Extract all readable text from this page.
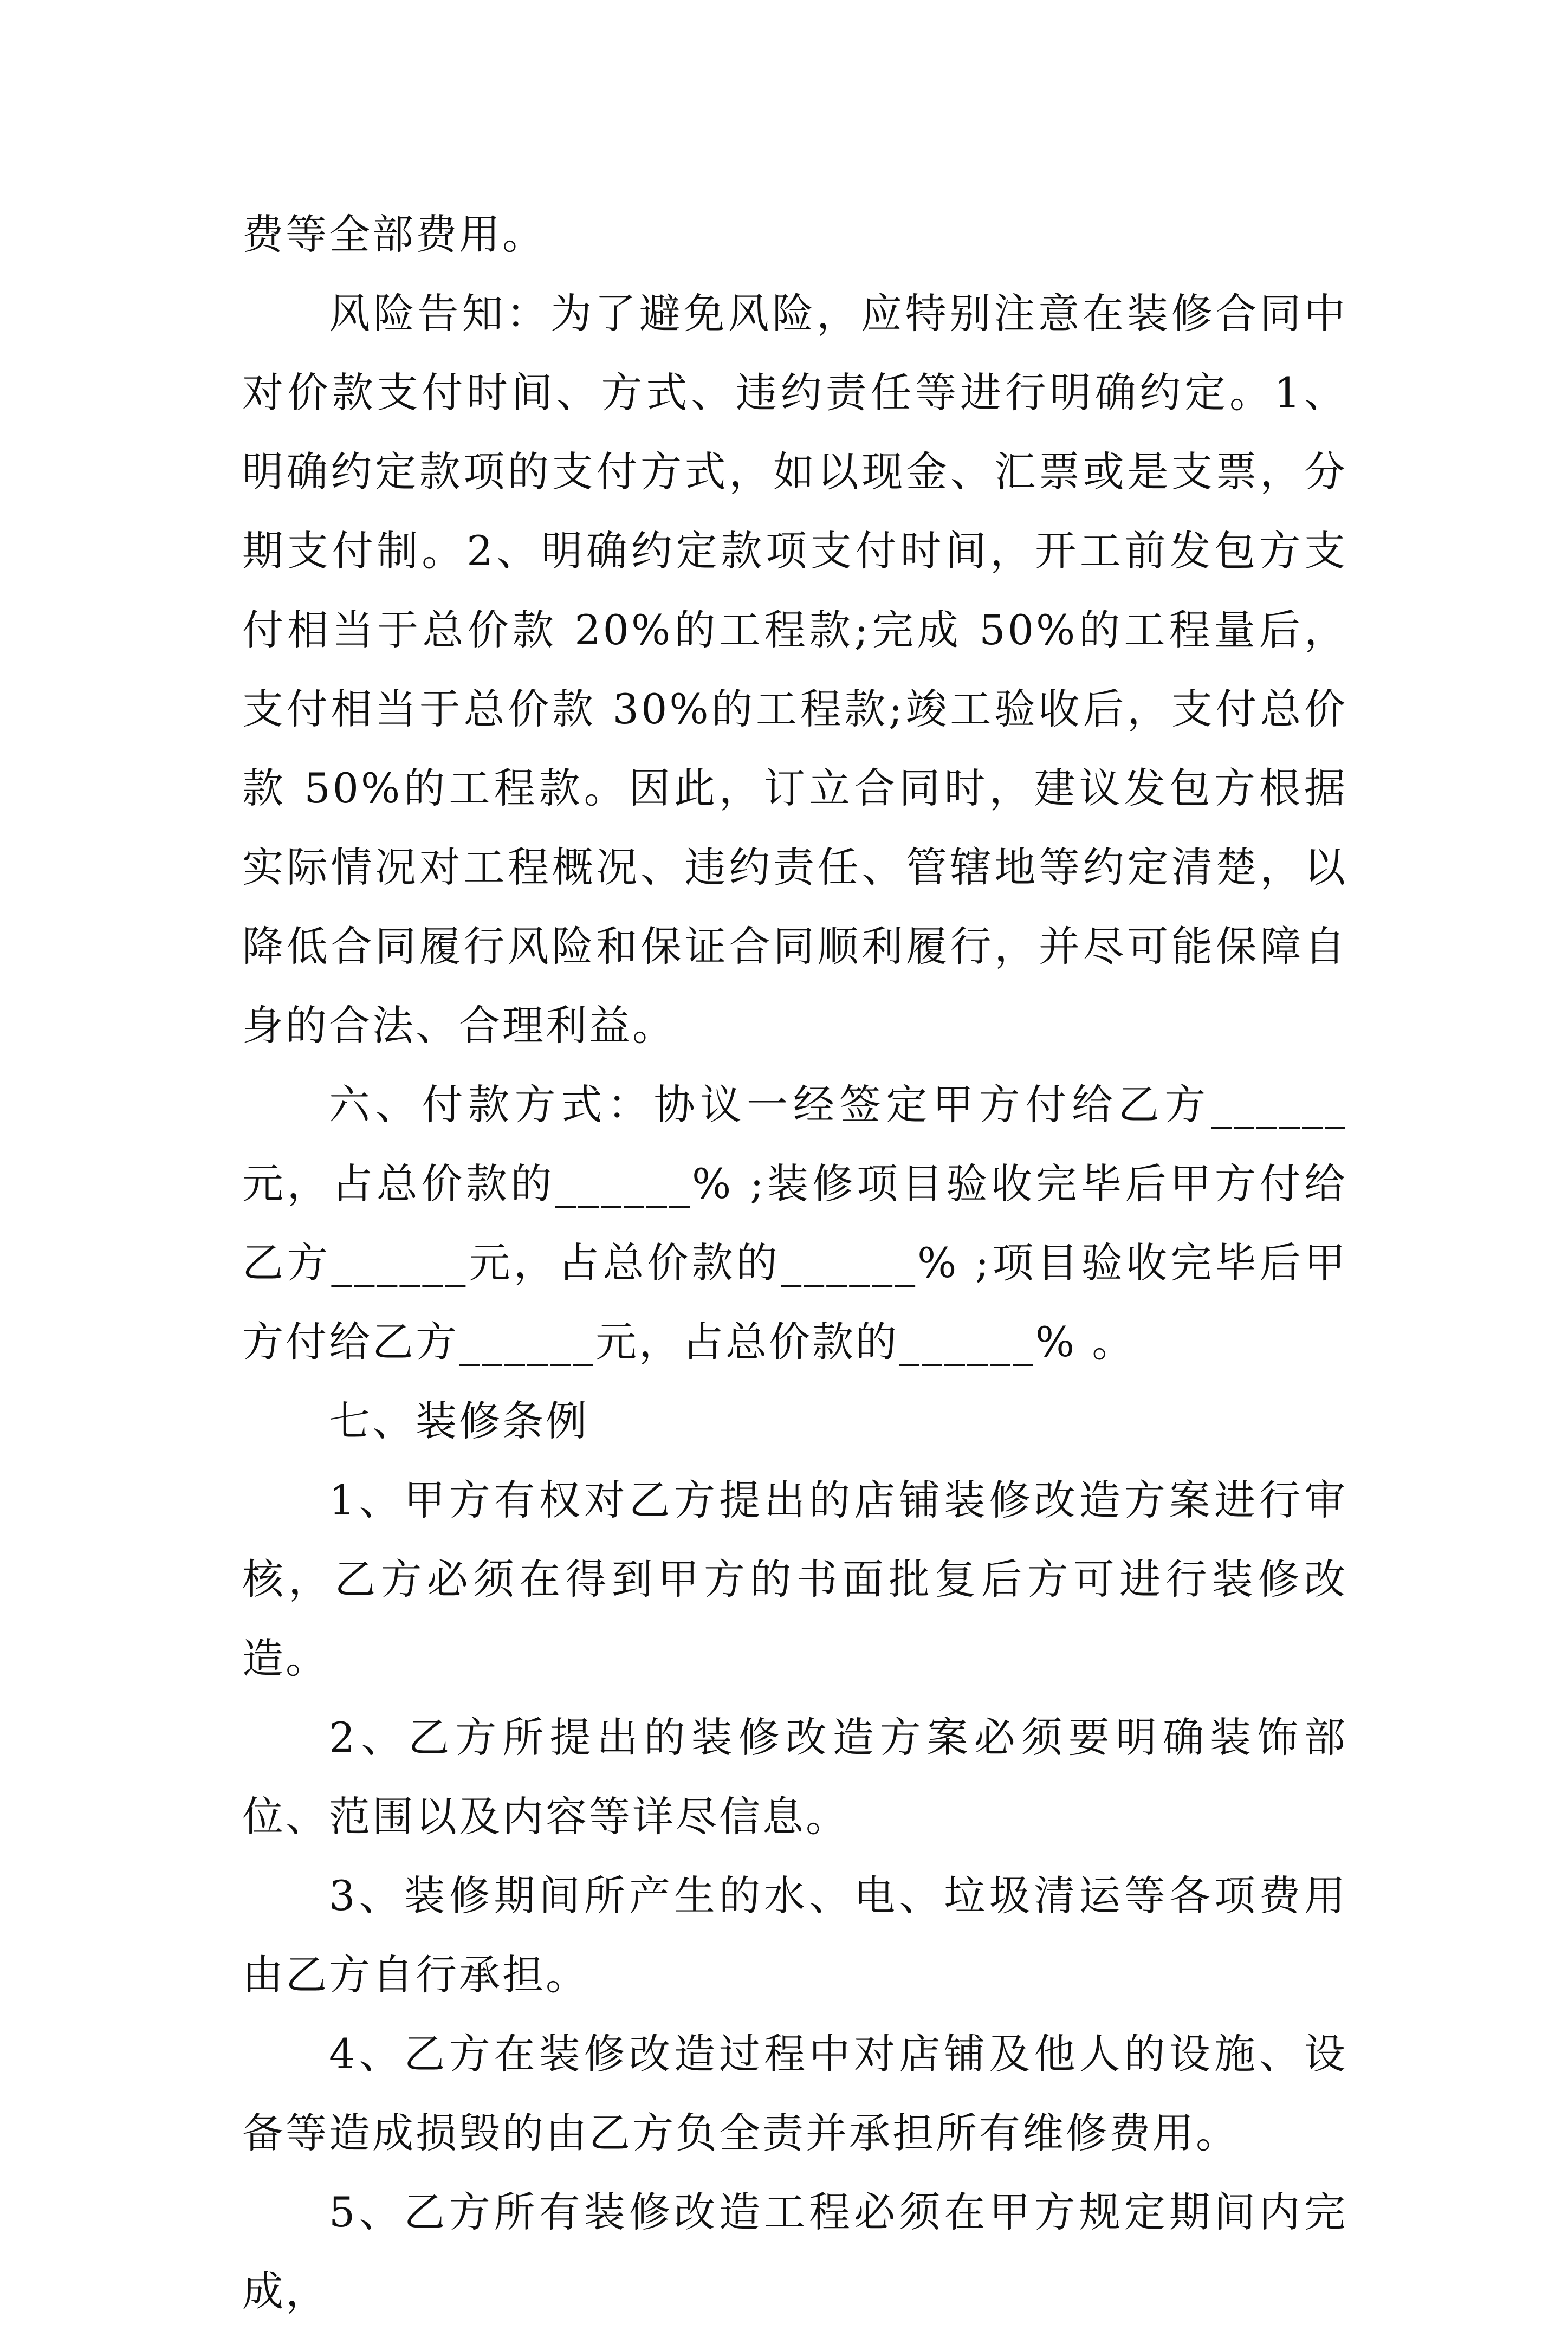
费等全部费用。

风险告知：为了避免风险，应特别注意在装修合同中对价款支付时间、方式、违约责任等进行明确约定。1、明确约定款项的支付方式，如以现金、汇票或是支票，分期支付制。2、明确约定款项支付时间，开工前发包方支付相当于总价款 20%的工程款;完成 50%的工程量后，支付相当于总价款 30%的工程款;竣工验收后，支付总价款 50%的工程款。因此，订立合同时，建议发包方根据实际情况对工程概况、违约责任、管辖地等约定清楚，以降低合同履行风险和保证合同顺利履行，并尽可能保障自身的合法、合理利益。

六、付款方式：协议一经签定甲方付给乙方______元，占总价款的______% ;装修项目验收完毕后甲方付给乙方______元，占总价款的______% ;项目验收完毕后甲方付给乙方______元，占总价款的______% 。

七、装修条例

1、甲方有权对乙方提出的店铺装修改造方案进行审核，乙方必须在得到甲方的书面批复后方可进行装修改造。

2、乙方所提出的装修改造方案必须要明确装饰部位、范围以及内容等详尽信息。

3、装修期间所产生的水、电、垃圾清运等各项费用由乙方自行承担。

4、乙方在装修改造过程中对店铺及他人的设施、设备等造成损毁的由乙方负全责并承担所有维修费用。

5、乙方所有装修改造工程必须在甲方规定期间内完成，
